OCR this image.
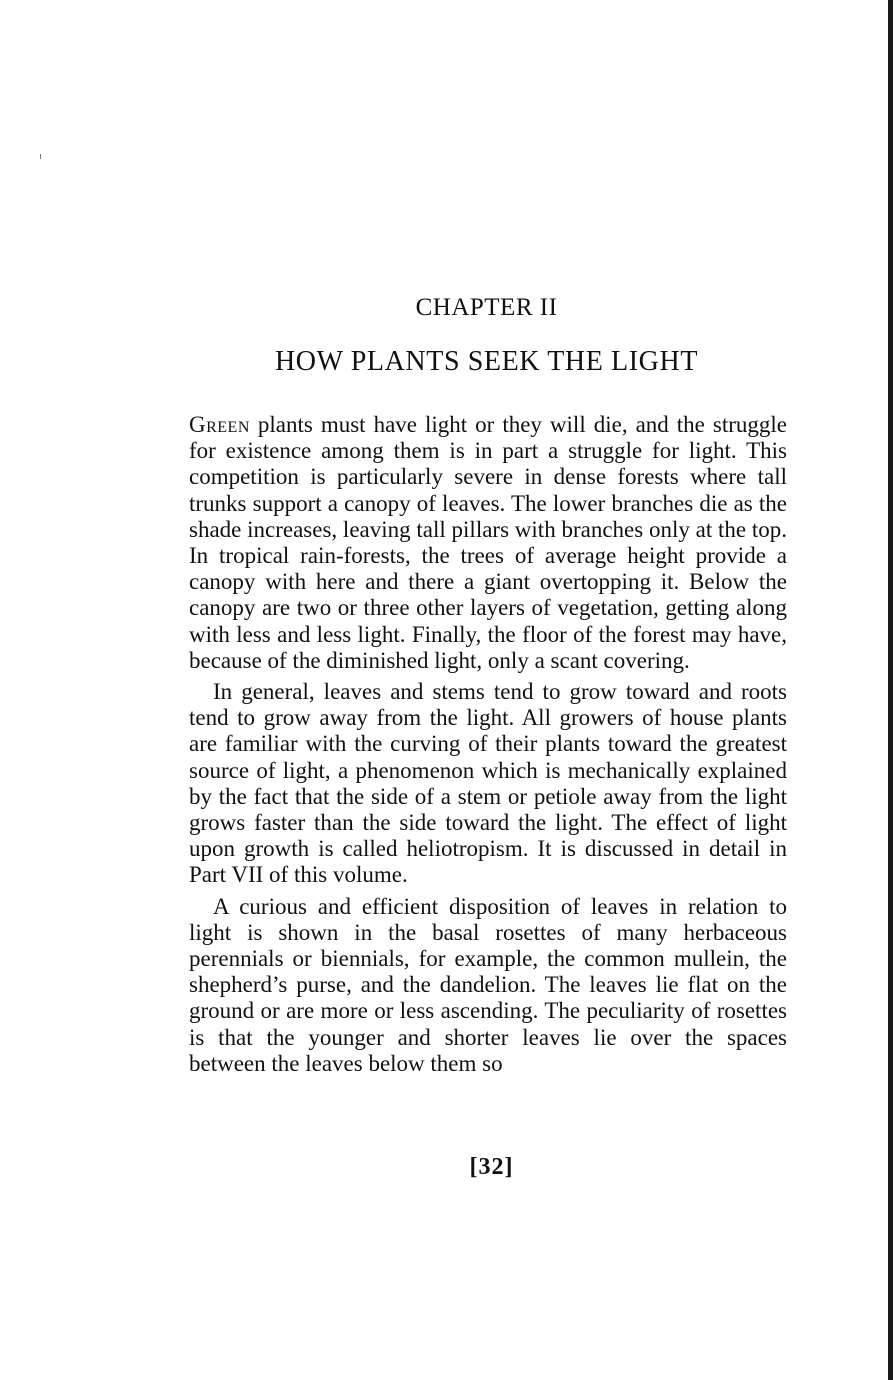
CHAPTER II
HOW PLANTS SEEK THE LIGHT

Green plants must have light or they will die, and the struggle for existence among them is in part a struggle for light. This competition is particularly severe in dense forests where tall trunks support a canopy of leaves. The lower branches die as the shade increases, leaving tall pillars with branches only at the top. In tropical rain-forests, the trees of average height provide a canopy with here and there a giant overtopping it. Below the canopy are two or three other layers of vegetation, getting along with less and less light. Finally, the floor of the forest may have, because of the diminished light, only a scant covering.

In general, leaves and stems tend to grow toward and roots tend to grow away from the light. All growers of house plants are familiar with the curving of their plants toward the greatest source of light, a phenomenon which is mechanically explained by the fact that the side of a stem or petiole away from the light grows faster than the side toward the light. The effect of light upon growth is called heliotropism. It is discussed in detail in Part VII of this volume.

A curious and efficient disposition of leaves in relation to light is shown in the basal rosettes of many herbaceous perennials or biennials, for example, the common mullein, the shepherd’s purse, and the dandelion. The leaves lie flat on the ground or are more or less ascending. The peculiarity of rosettes is that the younger and shorter leaves lie over the spaces between the leaves below them so

[32]
